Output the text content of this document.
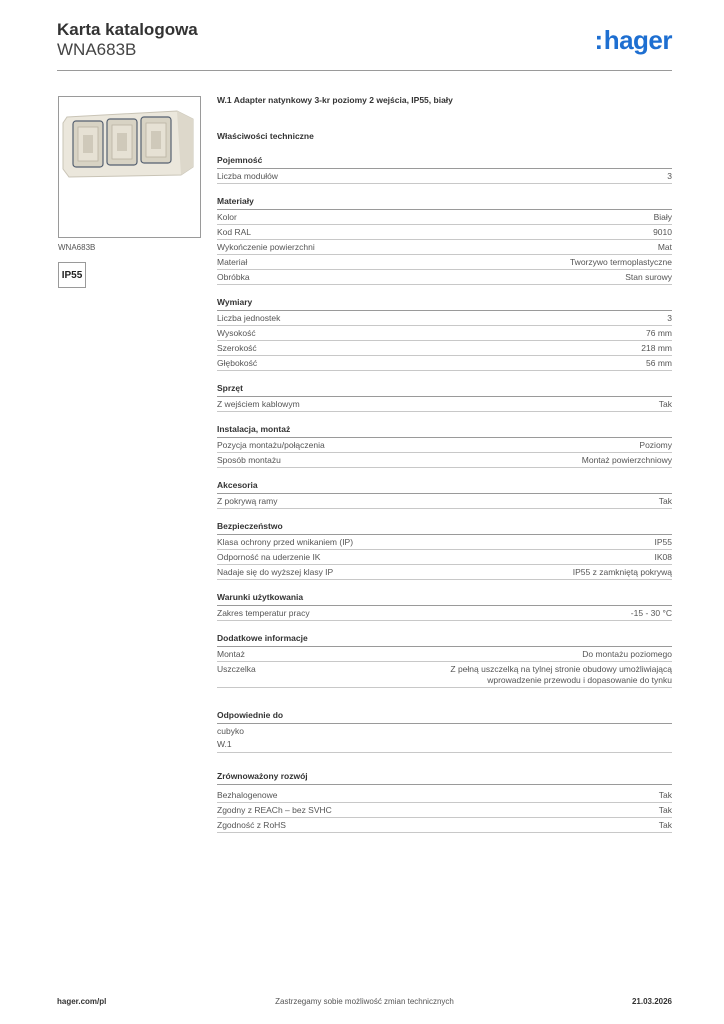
Karta katalogowa
WNA683B	:hager
WNA683B
IP55
W.1 Adapter natynkowy 3-kr poziomy 2 wejścia, IP55, biały
Właściwości techniczne
Pojemność
Liczba modułów	3
Materiały
Kolor	Biały
Kod RAL	9010
Wykończenie powierzchni	Mat
Materiał	Tworzywo termoplastyczne
Obróbka	Stan surowy
Wymiary
Liczba jednostek	3
Wysokość	76 mm
Szerokość	218 mm
Głębokość	56 mm
Sprzęt
Z wejściem kablowym	Tak
Instalacja, montaż
Pozycja montażu/połączenia	Poziomy
Sposób montażu	Montaż powierzchniowy
Akcesoria
Z pokrywą ramy	Tak
Bezpieczeństwo
Klasa ochrony przed wnikaniem (IP)	IP55
Odporność na uderzenie IK	IK08
Nadaje się do wyższej klasy IP	IP55 z zamkniętą pokrywą
Warunki użytkowania
Zakres temperatur pracy	-15 - 30 °C
Dodatkowe informacje
Montaż	Do montażu poziomego
Uszczelka	Z pełną uszczelką na tylnej stronie obudowy umożliwiającą wprowadzenie przewodu i dopasowanie do tynku
Odpowiednie do
cubyko
W.1
Zrównoważony rozwój
Bezhalogenowe	Tak
Zgodny z REACh – bez SVHC	Tak
Zgodność z RoHS	Tak
hager.com/pl	Zastrzegamy sobie możliwość zmian technicznych	21.03.2026
